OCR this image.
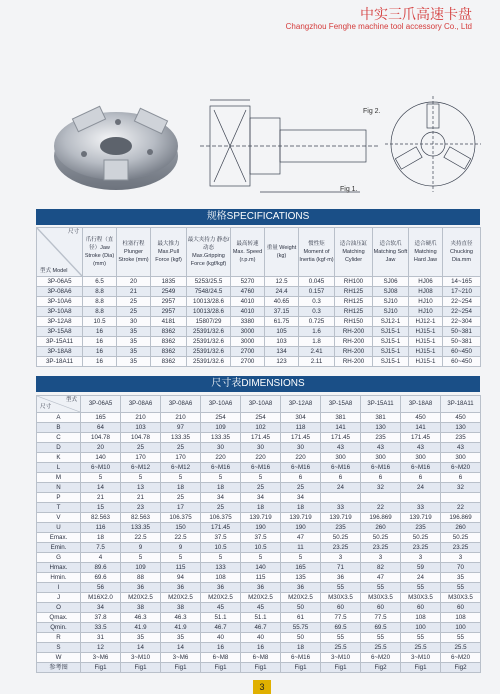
中实三爪高速卡盘
Changzhou Fenghe machine tool accessory Co., Ltd
Fig 2.
Fig 1.
规格SPECIFICATIONS
尺寸
型式 Model	爪行程（直径）Jaw Stroke (Dia)(mm)	柱塞行程 Plunger Stroke (mm)	最大推力 Max.Pull Force (kgf)	最大夹持力 静态/动态 Max.Gripping Force (kgf/kgf)	最高转速 Max. Speed (r.p.m)	重量 Weight (kg)	惯性矩 Moment of Inertia (kgf·m)	适合油压缸 Matching Cylider	适合软爪 Matching Soft Jaw	适合硬爪 Matching Hard Jaw	夹持直径 Chucking Dia.mm
3P-06A5	6.5	20	1835	5253/25.5	5270	12.5	0.045	RH100	SJ06	HJ06	14~165
3P-08A6	8.8	21	2549	7548/24.5	4760	24.4	0.157	RH125	SJ08	HJ08	17~210
3P-10A6	8.8	25	2957	10013/28.6	4010	40.65	0.3	RH125	SJ10	HJ10	22~254
3P-10A8	8.8	25	2957	10013/28.6	4010	37.15	0.3	RH125	SJ10	HJ10	22~254
3P-12A8	10.5	30	4181	15807/29	3380	61.75	0.725	RH150	SJ12-1	HJ12-1	22~304
3P-15A8	16	35	8362	25391/32.6	3000	105	1.6	RH-200	SJ15-1	HJ15-1	50~381
3P-15A11	16	35	8362	25391/32.6	3000	103	1.8	RH-200	SJ15-1	HJ15-1	50~381
3P-18A8	16	35	8362	25391/32.6	2700	134	2.41	RH-200	SJ15-1	HJ15-1	60~450
3P-18A11	16	35	8362	25391/32.6	2700	123	2.11	RH-200	SJ15-1	HJ15-1	60~450
尺寸表DIMENSIONS
型式
尺寸	3P-06A5	3P-08A6	3P-08A6	3P-10A6	3P-10A8	3P-12A8	3P-15A8	3P-15A11	3P-18A8	3P-18A11
A	165	210	210	254	254	304	381	381	450	450
B	64	103	97	109	102	118	141	130	141	130
C	104.78	104.78	133.35	133.35	171.45	171.45	171.45	235	171.45	235
D	20	25	25	30	30	30	43	43	43	43
K	140	170	170	220	220	220	300	300	300	300
L	6~M10	6~M12	6~M12	6~M16	6~M16	6~M16	6~M16	6~M16	6~M16	6~M20
M	5	5	5	5	5	6	6	6	6	6
N	14	13	18	18	25	25	24	32	24	32
P	21	21	25	34	34	34				
T	15	23	17	25	18	18	33	22	33	22
V	82.563	82.563	106.375	106.375	139.719	139.719	139.719	196.869	139.719	196.869
U	116	133.35	150	171.45	190	190	235	260	235	260
Emax.	18	22.5	22.5	37.5	37.5	47	50.25	50.25	50.25	50.25
Emin.	7.5	9	9	10.5	10.5	11	23.25	23.25	23.25	23.25
G	4	5	5	5	5	5	3	3	3	3
Hmax.	89.6	109	115	133	140	165	71	82	59	70
Hmin.	69.6	88	94	108	115	135	36	47	24	35
I	56	36	36	36	36	36	55	55	55	55
J	M16X2.0	M20X2.5	M20X2.5	M20X2.5	M20X2.5	M20X2.5	M30X3.5	M30X3.5	M30X3.5	M30X3.5
O	34	38	38	45	45	50	60	60	60	60
Qmax.	37.8	46.3	46.3	51.1	51.1	61	77.5	77.5	108	108
Qmin.	33.5	41.9	41.9	46.7	46.7	55.75	69.5	69.5	100	100
R	31	35	35	40	40	50	55	55	55	55
S	12	14	14	16	16	18	25.5	25.5	25.5	25.5
W	3~M6	3~M10	3~M6	6~M8	6~M8	6~M16	3~M10	6~M20	3~M10	6~M20
参考图	Fig1	Fig1	Fig1	Fig1	Fig1	Fig1	Fig1	Fig2	Fig1	Fig2
3
